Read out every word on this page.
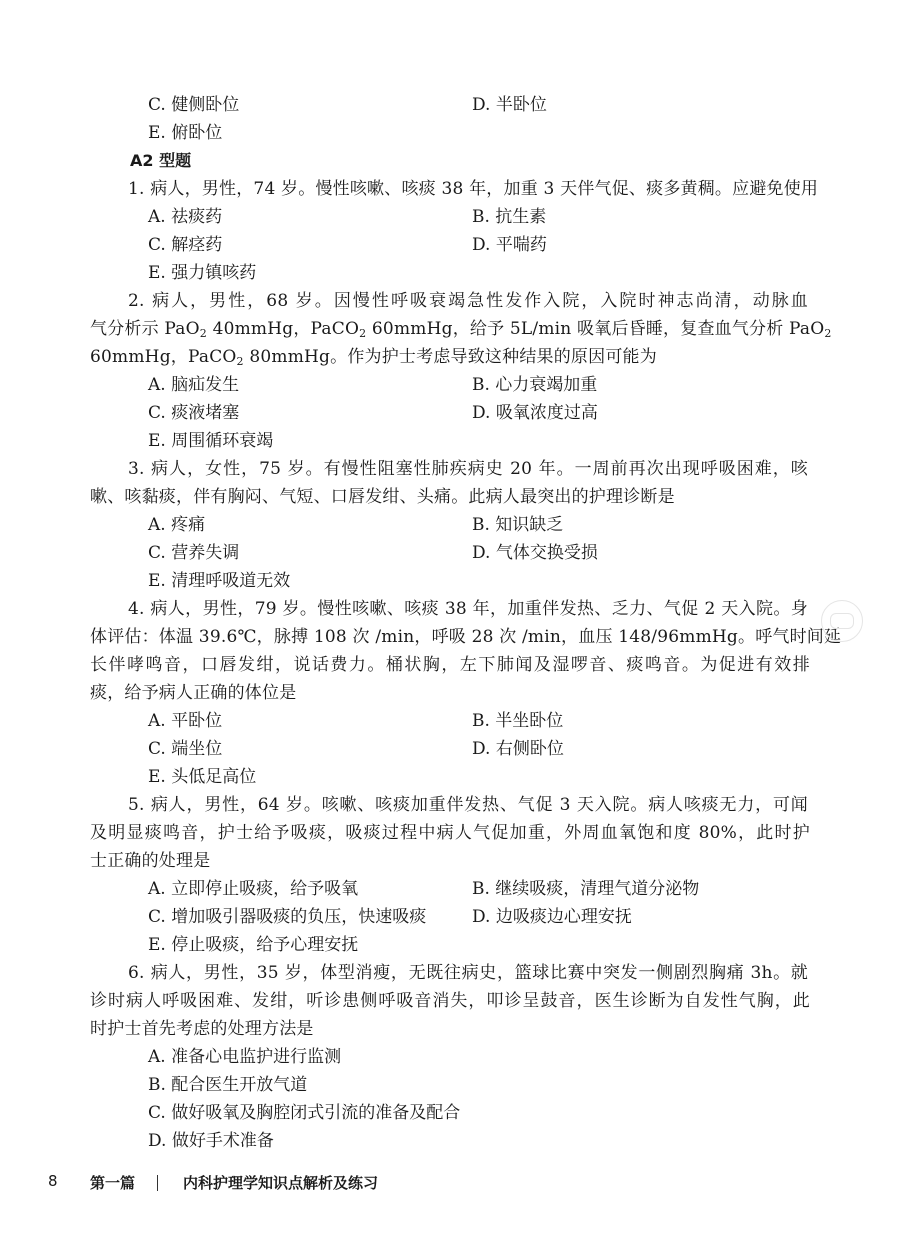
C. 健侧卧位	D. 半卧位
E. 俯卧位
A2 型题
1. 病人，男性，74 岁。慢性咳嗽、咳痰 38 年，加重 3 天伴气促、痰多黄稠。应避免使用
A. 祛痰药	B. 抗生素
C. 解痉药	D. 平喘药
E. 强力镇咳药
2. 病人，男性，68 岁。因慢性呼吸衰竭急性发作入院，入院时神志尚清，动脉血
气分析示 PaO$_2$ 40mmHg，PaCO$_2$ 60mmHg，给予 5L/min 吸氧后昏睡，复查血气分析 PaO$_2$
60mmHg，PaCO$_2$ 80mmHg。作为护士考虑导致这种结果的原因可能为
A. 脑疝发生	B. 心力衰竭加重
C. 痰液堵塞	D. 吸氧浓度过高
E. 周围循环衰竭
3. 病人，女性，75 岁。有慢性阻塞性肺疾病史 20 年。一周前再次出现呼吸困难，咳
嗽、咳黏痰，伴有胸闷、气短、口唇发绀、头痛。此病人最突出的护理诊断是
A. 疼痛	B. 知识缺乏
C. 营养失调	D. 气体交换受损
E. 清理呼吸道无效
4. 病人，男性，79 岁。慢性咳嗽、咳痰 38 年，加重伴发热、乏力、气促 2 天入院。身
体评估：体温 39.6℃，脉搏 108 次 /min，呼吸 28 次 /min，血压 148/96mmHg。呼气时间延
长伴哮鸣音，口唇发绀，说话费力。桶状胸，左下肺闻及湿啰音、痰鸣音。为促进有效排
痰，给予病人正确的体位是
A. 平卧位	B. 半坐卧位
C. 端坐位	D. 右侧卧位
E. 头低足高位
5. 病人，男性，64 岁。咳嗽、咳痰加重伴发热、气促 3 天入院。病人咳痰无力，可闻
及明显痰鸣音，护士给予吸痰，吸痰过程中病人气促加重，外周血氧饱和度 80%，此时护
士正确的处理是
A. 立即停止吸痰，给予吸氧	B. 继续吸痰，清理气道分泌物
C. 增加吸引器吸痰的负压，快速吸痰	D. 边吸痰边心理安抚
E. 停止吸痰，给予心理安抚
6. 病人，男性，35 岁，体型消瘦，无既往病史，篮球比赛中突发一侧剧烈胸痛 3h。就
诊时病人呼吸困难、发绀，听诊患侧呼吸音消失，叩诊呈鼓音，医生诊断为自发性气胸，此
时护士首先考虑的处理方法是
A. 准备心电监护进行监测
B. 配合医生开放气道
C. 做好吸氧及胸腔闭式引流的准备及配合
D. 做好手术准备
8 第一篇	内科护理学知识点解析及练习
